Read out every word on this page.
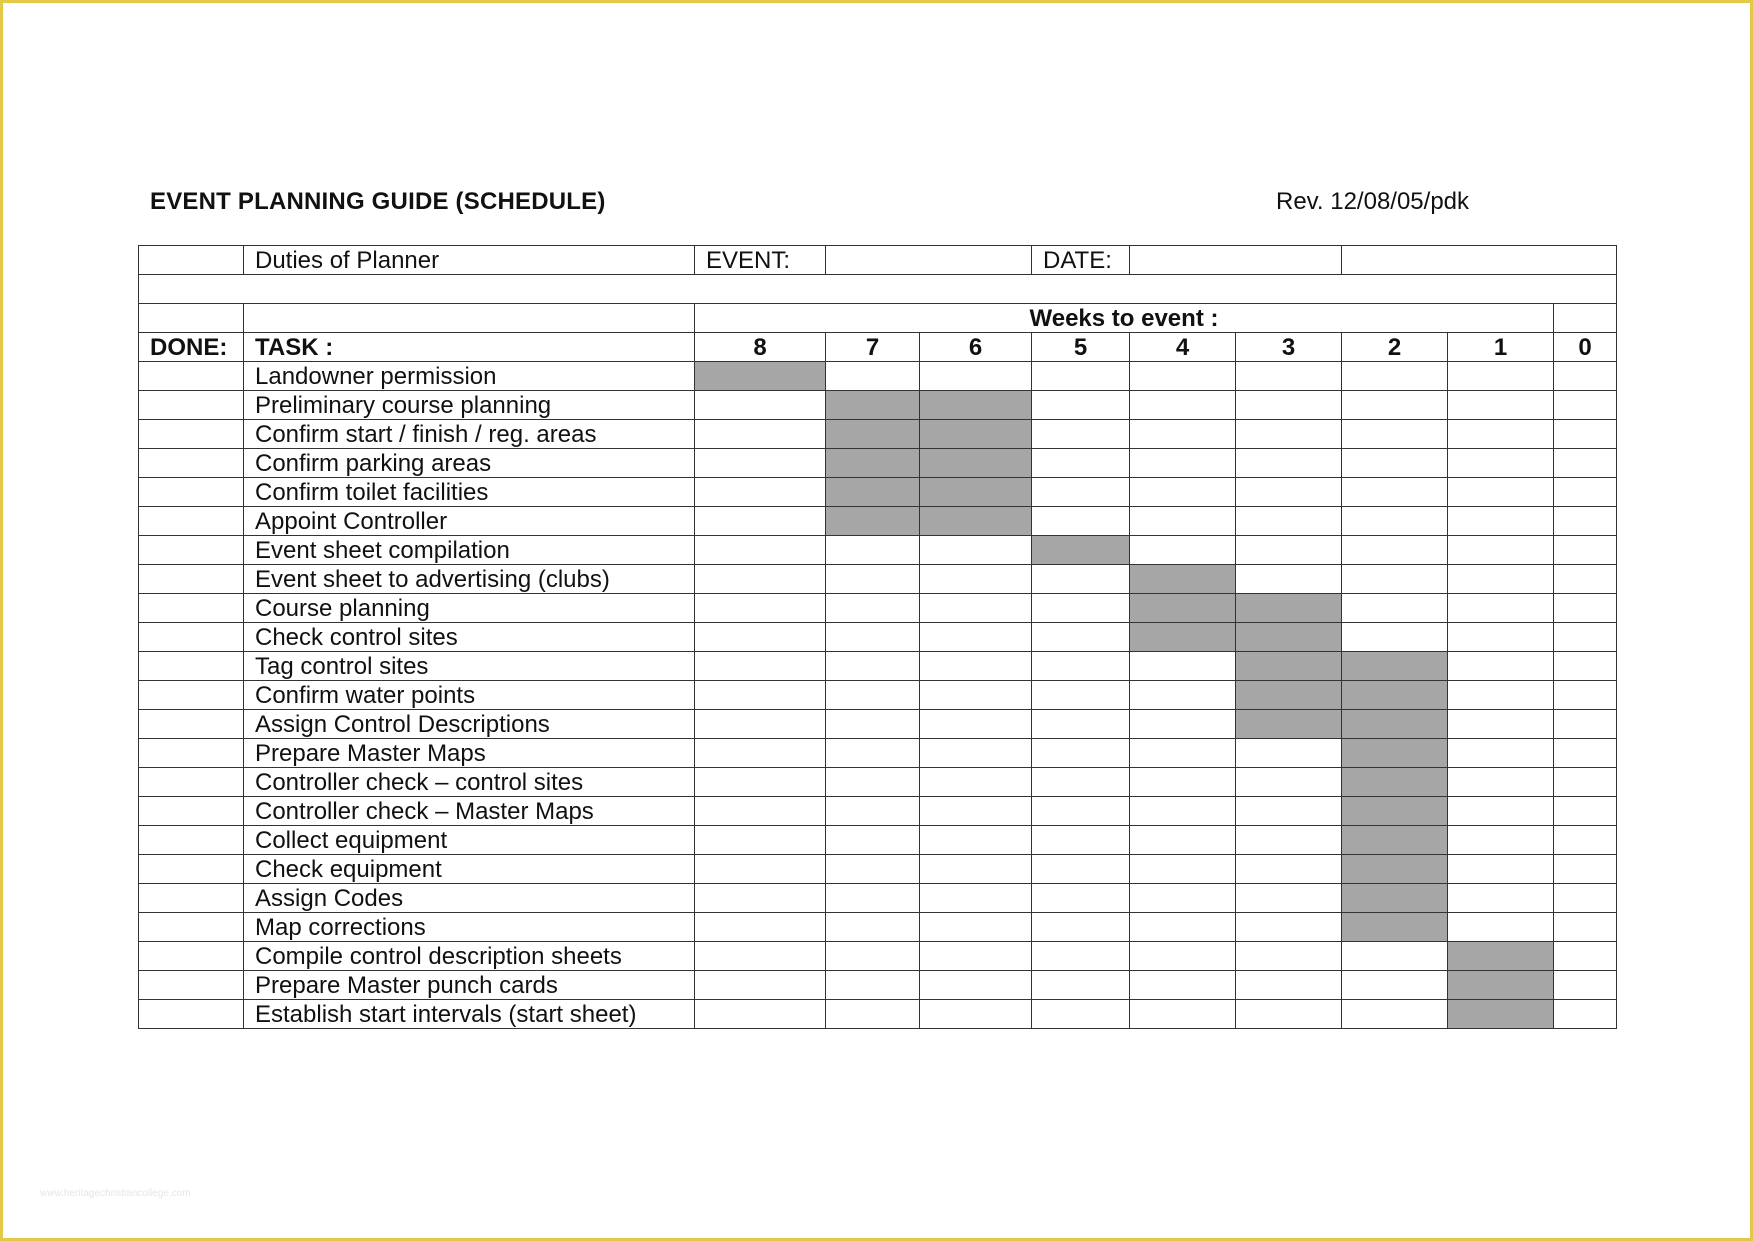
EVENT PLANNING GUIDE (SCHEDULE)	Rev. 12/08/05/pdk
	Duties of Planner	EVENT:			DATE:					

		Weeks to event :								
DONE:	TASK :	8	7	6	5	4	3	2	1	0
	Landowner permission									
	Preliminary course planning									
	Confirm start / finish / reg. areas									
	Confirm parking areas									
	Confirm toilet facilities									
	Appoint Controller									
	Event sheet compilation									
	Event sheet to advertising (clubs)									
	Course planning									
	Check control sites									
	Tag control sites									
	Confirm water points									
	Assign Control Descriptions									
	Prepare Master Maps									
	Controller check – control sites									
	Controller check – Master Maps									
	Collect equipment									
	Check equipment									
	Assign Codes									
	Map corrections									
	Compile control description sheets									
	Prepare Master punch cards									
	Establish start intervals (start sheet)									
www.heritagechristiancollege.com
